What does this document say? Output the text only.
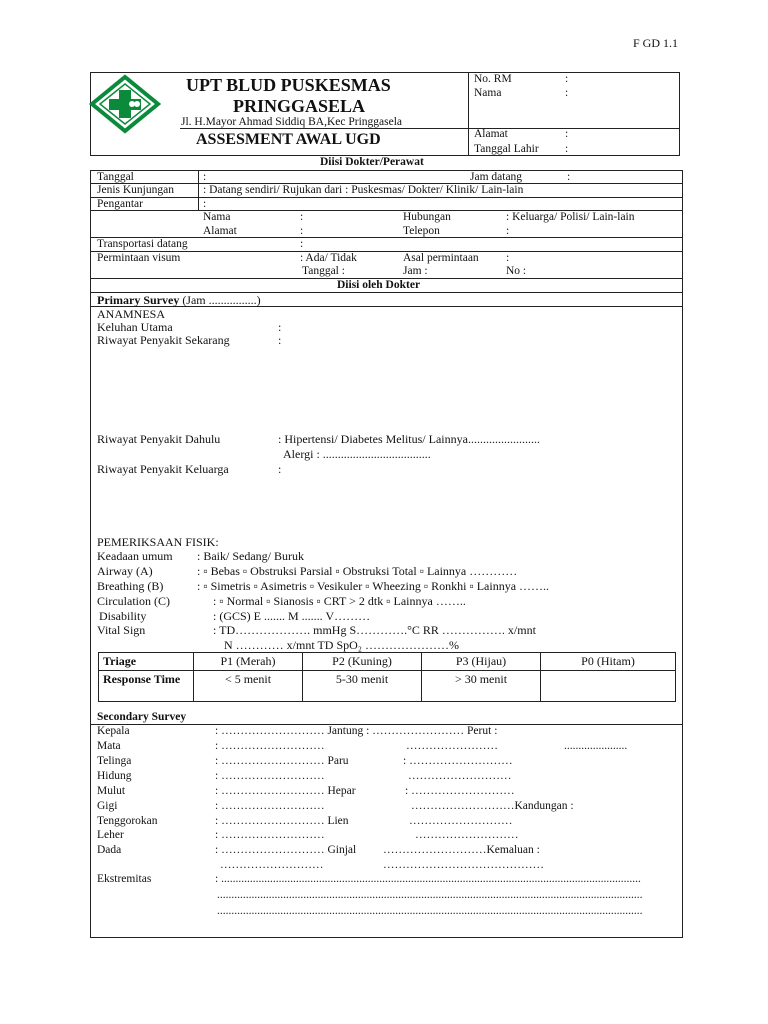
F GD 1.1
UPT BLUD PUSKESMAS
PRINGGASELA
Jl. H.Mayor Ahmad Siddiq BA,Kec Pringgasela
ASSESMENT AWAL UGD
No. RM	:
Nama	:
Alamat	:
Tanggal Lahir :
Diisi Dokter/Perawat
Tanggal	:	Jam datang	:
Jenis Kunjungan	: Datang sendiri/ Rujukan dari : Puskesmas/ Dokter/ Klinik/ Lain-lain
Pengantar	:
Nama	:	Hubungan	: Keluarga/ Polisi/ Lain-lain
Alamat	:	Telepon	:
Transportasi datang	:
Permintaan visum	: Ada/ Tidak	Asal permintaan :
Tanggal :	Jam :	No :
Diisi oleh Dokter
Primary Survey (Jam ................)
ANAMNESA
Keluhan Utama	:
Riwayat Penyakit Sekarang	:
Riwayat Penyakit Dahulu	: Hipertensi/ Diabetes Melitus/ Lainnya........................
Alergi : ....................................
Riwayat Penyakit Keluarga	:
PEMERIKSAAN FISIK:
Keadaan umum : Baik/ Sedang/ Buruk
Airway (A)	: ▫ Bebas ▫ Obstruksi Parsial ▫ Obstruksi Total ▫ Lainnya …………
Breathing (B)	: ▫ Simetris ▫ Asimetris ▫ Vesikuler ▫ Wheezing ▫ Ronkhi ▫ Lainnya ……..
Circulation (C)	: ▫ Normal ▫ Sianosis ▫ CRT > 2 dtk ▫ Lainnya ……..
Disability	: (GCS) E ....... M ....... V………
Vital Sign	: TD………………. mmHg S………….°C RR ……………. x/mnt
N ………… x/mnt TD SpO₂ …………………%
Triage	P1 (Merah)	P2 (Kuning)	P3 (Hijau)	P0 (Hitam)
Response Time	< 5 menit	5-30 menit	> 30 menit	
Secondary Survey
Kepala	: ……………………… Jantung : …………………… Perut :
Mata	: ………………………	……………………	......................
Telinga	: ……………………… Paru	: ………………………
Hidung	: ………………………	………………………
Mulut	: ……………………… Hepar	: ………………………
Gigi	: ………………………	………………………Kandungan :
Tenggorokan	: ……………………… Lien	………………………
Leher	: ………………………	………………………
Dada	: ……………………… Ginjal ………………………Kemaluan :
………………………	……………………………………
Ekstremitas	: ..................................................................................................................................................
....................................................................................................................................................
....................................................................................................................................................
